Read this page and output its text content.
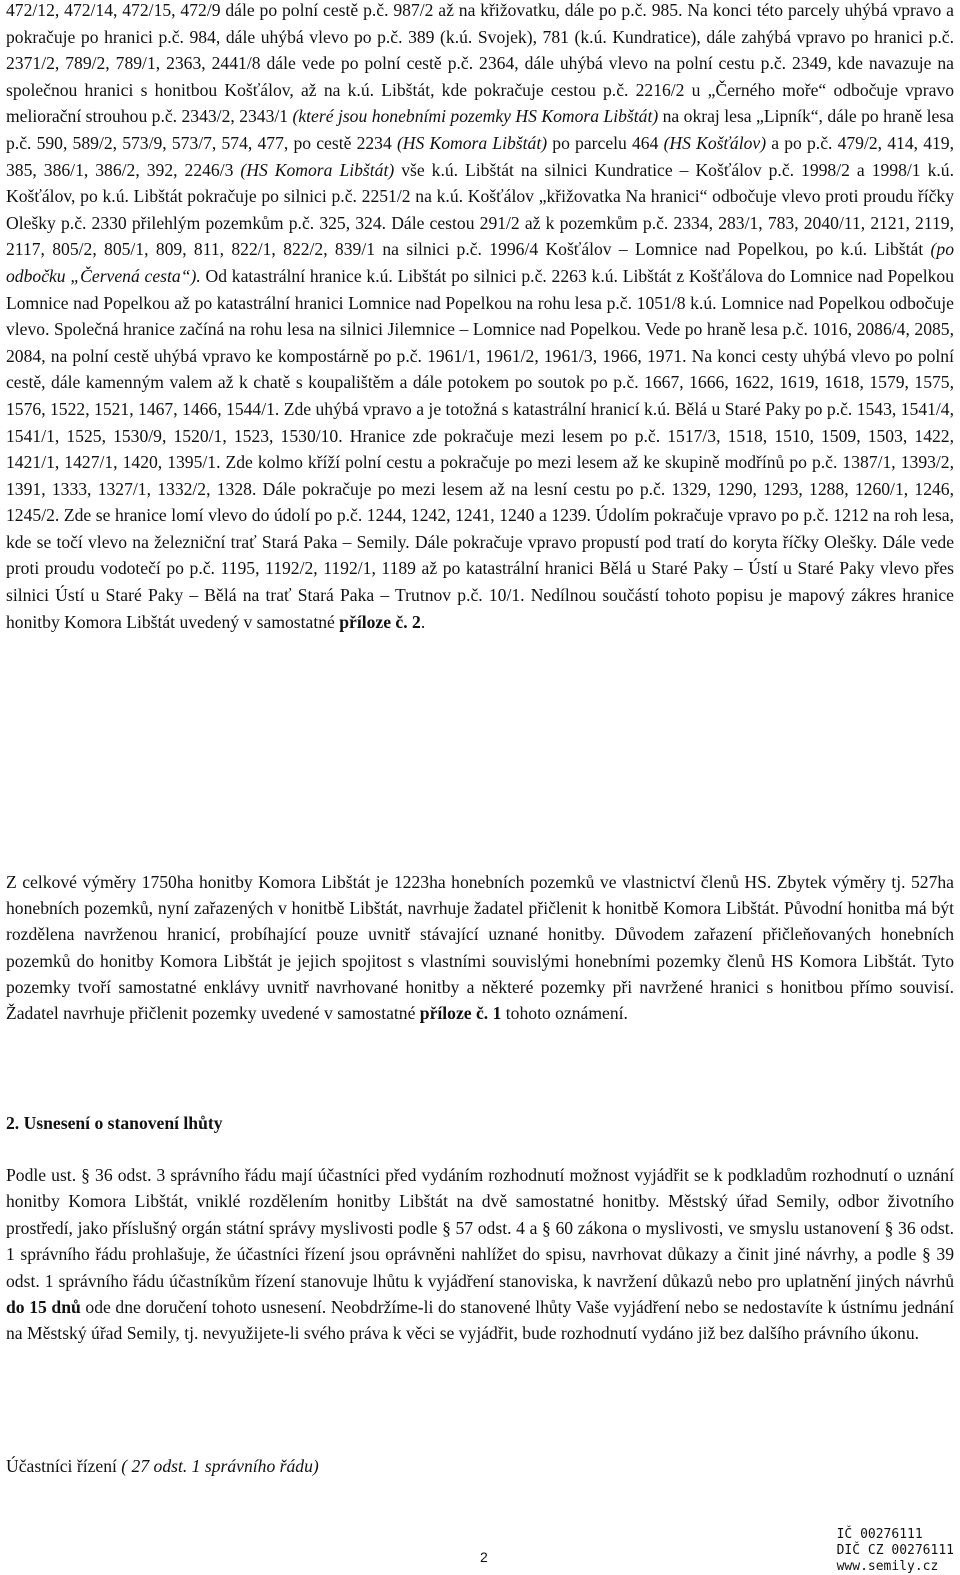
472/12, 472/14, 472/15, 472/9 dále po polní cestě p.č. 987/2 až na křižovatku, dále po p.č. 985. Na konci této parcely uhýbá vpravo a pokračuje po hranici p.č. 984, dále uhýbá vlevo po p.č. 389 (k.ú. Svojek), 781 (k.ú. Kundratice), dále zahýbá vpravo po hranici p.č. 2371/2, 789/2, 789/1, 2363, 2441/8 dále vede po polní cestě p.č. 2364, dále uhýbá vlevo na polní cestu p.č. 2349, kde navazuje na společnou hranici s honitbou Košťálov, až na k.ú. Libštát, kde pokračuje cestou p.č. 2216/2 u „Černého moře“ odbočuje vpravo meliorační strouhou p.č. 2343/2, 2343/1 (které jsou honebními pozemky HS Komora Libštát) na okraj lesa „Lipník“, dále po hraně lesa p.č. 590, 589/2, 573/9, 573/7, 574, 477, po cestě 2234 (HS Komora Libštát) po parcelu 464 (HS Košťálov) a po p.č. 479/2, 414, 419, 385, 386/1, 386/2, 392, 2246/3 (HS Komora Libštát) vše k.ú. Libštát na silnici Kundratice – Košťálov p.č. 1998/2 a 1998/1 k.ú. Košťálov, po k.ú. Libštát pokračuje po silnici p.č. 2251/2 na k.ú. Košťálov „křižovatka Na hranici“ odbočuje vlevo proti proudu říčky Olešky p.č. 2330 přilehlým pozemkům p.č. 325, 324. Dále cestou 291/2 až k pozemkům p.č. 2334, 283/1, 783, 2040/11, 2121, 2119, 2117, 805/2, 805/1, 809, 811, 822/1, 822/2, 839/1 na silnici p.č. 1996/4 Košťálov – Lomnice nad Popelkou, po k.ú. Libštát (po odbočku „Červená cesta“). Od katastrální hranice k.ú. Libštát po silnici p.č. 2263 k.ú. Libštát z Košťálova do Lomnice nad Popelkou Lomnice nad Popelkou až po katastrální hranici Lomnice nad Popelkou na rohu lesa p.č. 1051/8 k.ú. Lomnice nad Popelkou odbočuje vlevo. Společná hranice začíná na rohu lesa na silnici Jilemnice – Lomnice nad Popelkou. Vede po hraně lesa p.č. 1016, 2086/4, 2085, 2084, na polní cestě uhýbá vpravo ke kompostárně po p.č. 1961/1, 1961/2, 1961/3, 1966, 1971. Na konci cesty uhýbá vlevo po polní cestě, dále kamenným valem až k chatě s koupalištěm a dále potokem po soutok po p.č. 1667, 1666, 1622, 1619, 1618, 1579, 1575, 1576, 1522, 1521, 1467, 1466, 1544/1. Zde uhýbá vpravo a je totožná s katastrální hranicí k.ú. Bělá u Staré Paky po p.č. 1543, 1541/4, 1541/1, 1525, 1530/9, 1520/1, 1523, 1530/10. Hranice zde pokračuje mezi lesem po p.č. 1517/3, 1518, 1510, 1509, 1503, 1422, 1421/1, 1427/1, 1420, 1395/1. Zde kolmo kříží polní cestu a pokračuje po mezi lesem až ke skupině modřínů po p.č. 1387/1, 1393/2, 1391, 1333, 1327/1, 1332/2, 1328. Dále pokračuje po mezi lesem až na lesní cestu po p.č. 1329, 1290, 1293, 1288, 1260/1, 1246, 1245/2. Zde se hranice lomí vlevo do údolí po p.č. 1244, 1242, 1241, 1240 a 1239. Údolím pokračuje vpravo po p.č. 1212 na roh lesa, kde se točí vlevo na železniční trať Stará Paka – Semily. Dále pokračuje vpravo propustí pod tratí do koryta říčky Olešky. Dále vede proti proudu vodotečí po p.č. 1195, 1192/2, 1192/1, 1189 až po katastrální hranici Bělá u Staré Paky – Ústí u Staré Paky vlevo přes silnici Ústí u Staré Paky – Bělá na trať Stará Paka – Trutnov p.č. 10/1. Nedílnou součástí tohoto popisu je mapový zákres hranice honitby Komora Libštát uvedený v samostatné příloze č. 2.

Z celkové výměry 1750ha honitby Komora Libštát je 1223ha honebních pozemků ve vlastnictví členů HS. Zbytek výměry tj. 527ha honebních pozemků, nyní zařazených v honitbě Libštát, navrhuje žadatel přičlenit k honitbě Komora Libštát. Původní honitba má být rozdělena navrženou hranicí, probíhající pouze uvnitř stávající uznané honitby. Důvodem zařazení přičleňovaných honebních pozemků do honitby Komora Libštát je jejich spojitost s vlastními souvislými honebními pozemky členů HS Komora Libštát. Tyto pozemky tvoří samostatné enklávy uvnitř navrhované honitby a některé pozemky při navržené hranici s honitbou přímo souvisí. Žadatel navrhuje přičlenit pozemky uvedené v samostatné příloze č. 1 tohoto oznámení.

2. Usnesení o stanovení lhůty

Podle ust. § 36 odst. 3 správního řádu mají účastníci před vydáním rozhodnutí možnost vyjádřit se k podkladům rozhodnutí o uznání honitby Komora Libštát, vniklé rozdělením honitby Libštát na dvě samostatné honitby. Městský úřad Semily, odbor životního prostředí, jako příslušný orgán státní správy myslivosti podle § 57 odst. 4 a § 60 zákona o myslivosti, ve smyslu ustanovení § 36 odst. 1 správního řádu prohlašuje, že účastníci řízení jsou oprávněni nahlížet do spisu, navrhovat důkazy a činit jiné návrhy, a podle § 39 odst. 1 správního řádu účastníkům řízení stanovuje lhůtu k vyjádření stanoviska, k navržení důkazů nebo pro uplatnění jiných návrhů do 15 dnů ode dne doručení tohoto usnesení. Neobdržíme-li do stanovené lhůty Vaše vyjádření nebo se nedostavíte k ústnímu jednání na Městský úřad Semily, tj. nevyužijete-li svého práva k věci se vyjádřit, bude rozhodnutí vydáno již bez dalšího právního úkonu.

Účastníci řízení ( 27 odst. 1 správního řádu)

2
IČ 00276111
DIČ CZ 00276111
www.semily.cz
